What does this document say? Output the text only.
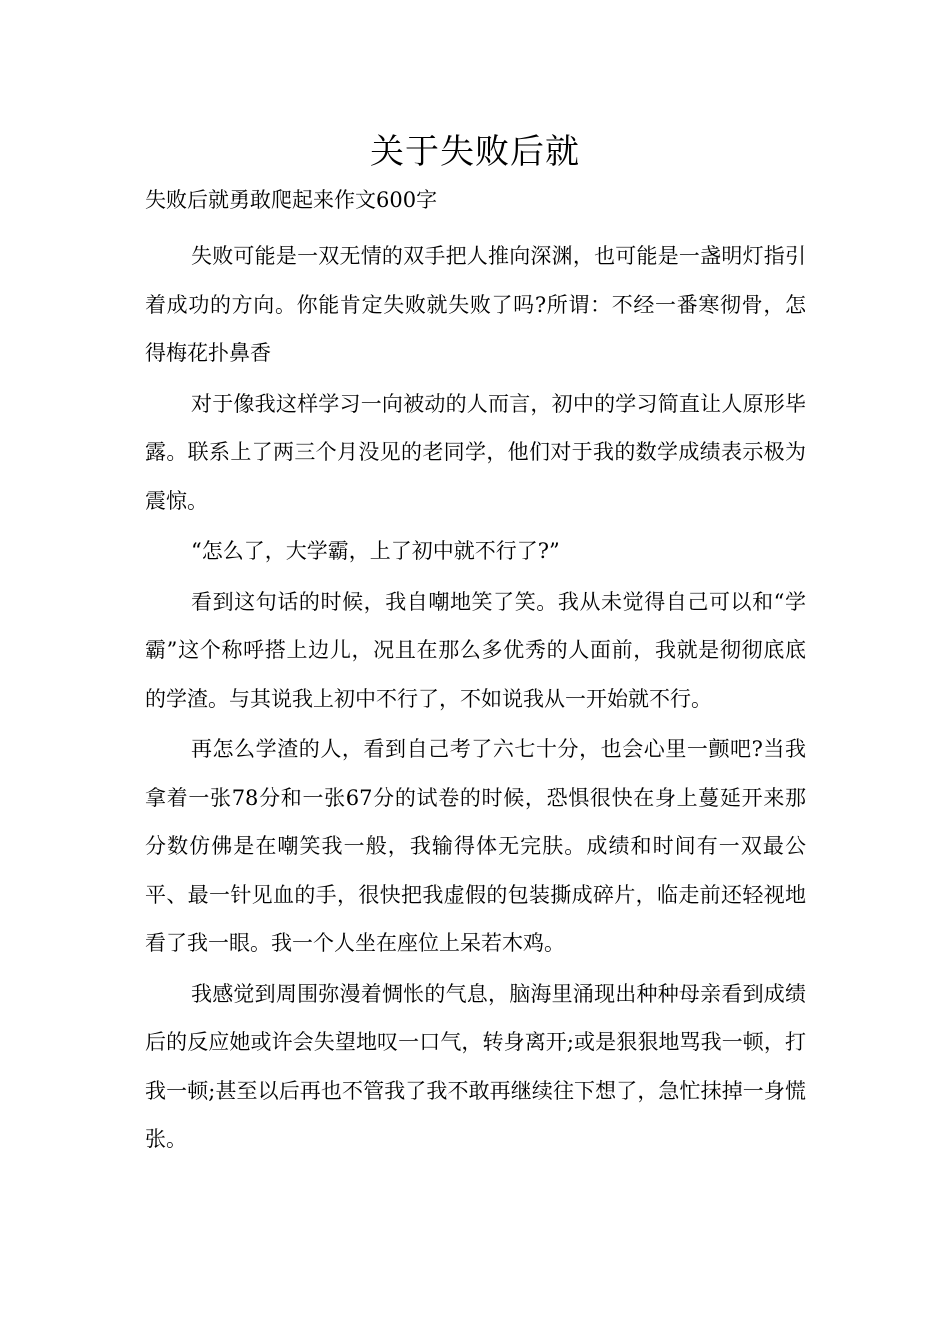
关于失败后就
失败后就勇敢爬起来作文600字

失败可能是一双无情的双手把人推向深渊，也可能是一盏明灯指引着成功的方向。你能肯定失败就失败了吗?所谓：不经一番寒彻骨，怎得梅花扑鼻香

对于像我这样学习一向被动的人而言，初中的学习简直让人原形毕露。联系上了两三个月没见的老同学，他们对于我的数学成绩表示极为震惊。

“怎么了，大学霸，上了初中就不行了?”

看到这句话的时候，我自嘲地笑了笑。我从未觉得自己可以和“学霸”这个称呼搭上边儿，况且在那么多优秀的人面前，我就是彻彻底底的学渣。与其说我上初中不行了，不如说我从一开始就不行。

再怎么学渣的人，看到自己考了六七十分，也会心里一颤吧?当我拿着一张78分和一张67分的试卷的时候，恐惧很快在身上蔓延开来那分数仿佛是在嘲笑我一般，我输得体无完肤。成绩和时间有一双最公平、最一针见血的手，很快把我虚假的包装撕成碎片，临走前还轻视地看了我一眼。我一个人坐在座位上呆若木鸡。

我感觉到周围弥漫着惆怅的气息，脑海里涌现出种种母亲看到成绩后的反应她或许会失望地叹一口气，转身离开;或是狠狠地骂我一顿，打我一顿;甚至以后再也不管我了我不敢再继续往下想了，急忙抹掉一身慌张。
